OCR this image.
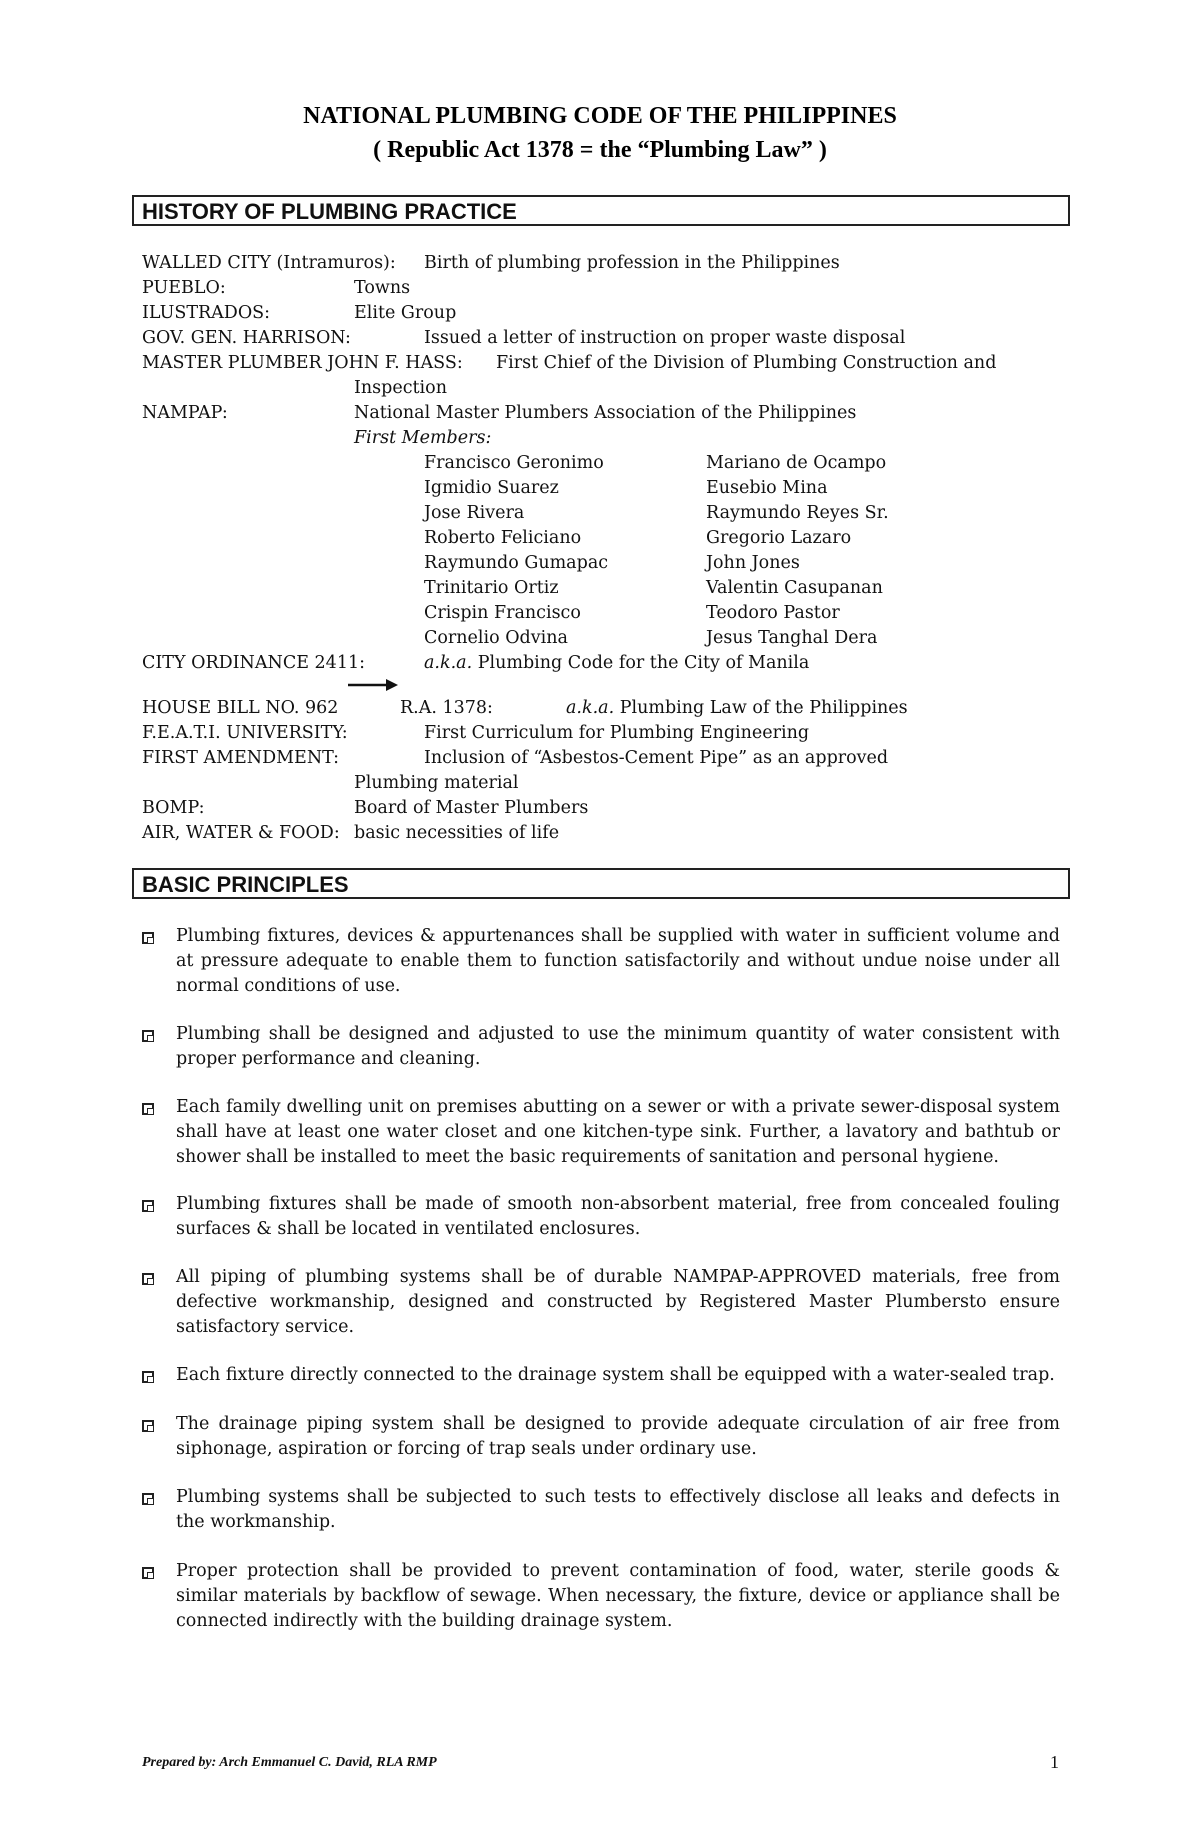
NATIONAL PLUMBING CODE OF THE PHILIPPINES
( Republic Act 1378 = the “Plumbing Law” )
HISTORY OF PLUMBING PRACTICE
WALLED CITY (Intramuros): Birth of plumbing profession in the Philippines
PUEBLO:	Towns
ILUSTRADOS:	Elite Group
GOV. GEN. HARRISON:	Issued a letter of instruction on proper waste disposal
MASTER PLUMBER JOHN F. HASS: First Chief of the Division of Plumbing Construction and
Inspection
NAMPAP:	National Master Plumbers Association of the Philippines
First Members:
Francisco Geronimo	Mariano de Ocampo
Igmidio Suarez	Eusebio Mina
Jose Rivera	Raymundo Reyes Sr.
Roberto Feliciano	Gregorio Lazaro
Raymundo Gumapac	John Jones
Trinitario Ortiz	Valentin Casupanan
Crispin Francisco	Teodoro Pastor
Cornelio Odvina	Jesus Tanghal Dera
CITY ORDINANCE 2411:	a.k.a. Plumbing Code for the City of Manila
HOUSE BILL NO. 962	R.A. 1378:	a.k.a. Plumbing Law of the Philippines
F.E.A.T.I. UNIVERSITY:	First Curriculum for Plumbing Engineering
FIRST AMENDMENT:	Inclusion of “Asbestos-Cement Pipe” as an approved
Plumbing material
BOMP:	Board of Master Plumbers
AIR, WATER & FOOD: basic necessities of life
BASIC PRINCIPLES
Plumbing fixtures, devices & appurtenances shall be supplied with water in sufficient volume and at pressure adequate to enable them to function satisfactorily and without undue noise under all normal conditions of use.
Plumbing shall be designed and adjusted to use the minimum quantity of water consistent with proper performance and cleaning.
Each family dwelling unit on premises abutting on a sewer or with a private sewer-disposal system shall have at least one water closet and one kitchen-type sink. Further, a lavatory and bathtub or shower shall be installed to meet the basic requirements of sanitation and personal hygiene.
Plumbing fixtures shall be made of smooth non-absorbent material, free from concealed fouling surfaces & shall be located in ventilated enclosures.
All piping of plumbing systems shall be of durable NAMPAP-APPROVED materials, free from defective workmanship, designed and constructed by Registered Master Plumbersto ensure satisfactory service.
Each fixture directly connected to the drainage system shall be equipped with a water-sealed trap.
The drainage piping system shall be designed to provide adequate circulation of air free from siphonage, aspiration or forcing of trap seals under ordinary use.
Plumbing systems shall be subjected to such tests to effectively disclose all leaks and defects in the workmanship.
Proper protection shall be provided to prevent contamination of food, water, sterile goods & similar materials by backflow of sewage. When necessary, the fixture, device or appliance shall be connected indirectly with the building drainage system.
Prepared by: Arch Emmanuel C. David, RLA RMP	1
